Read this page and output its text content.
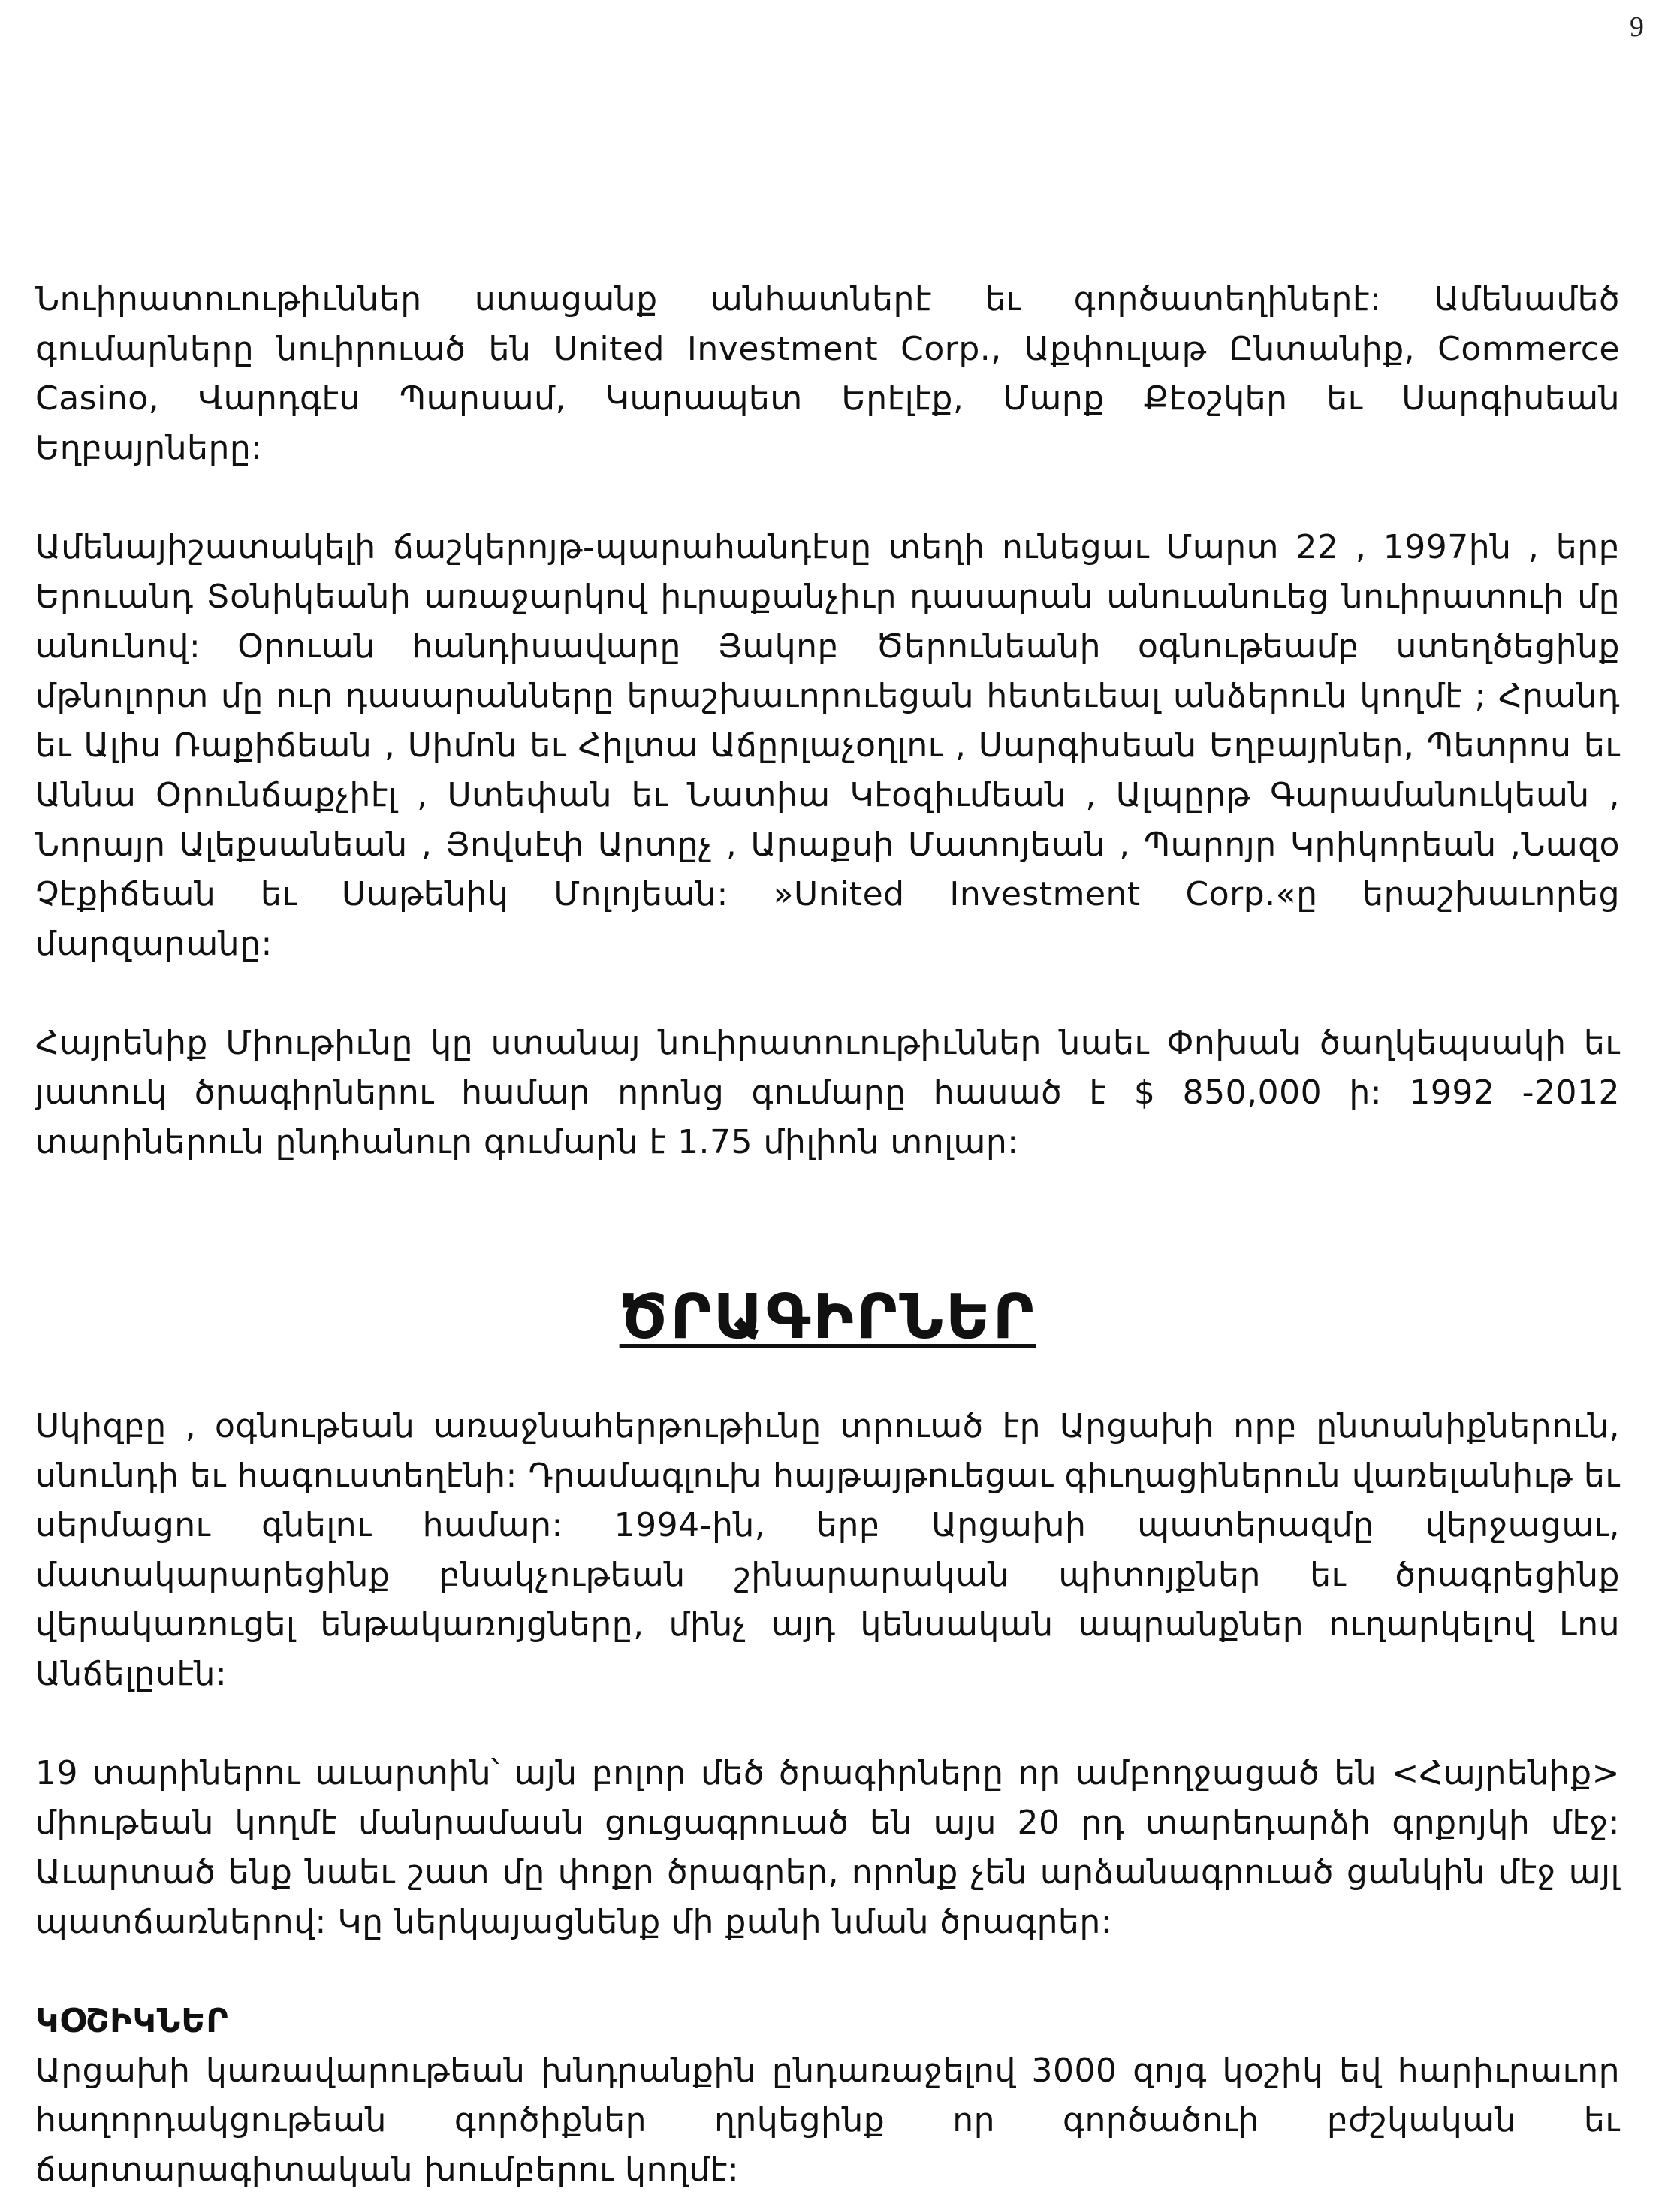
9

Նուիրատուութիւններ ստացանք անհատներէ եւ գործատեղիներէ: Ամենամեծ գումարները նուիրուած են United Investment Corp., Աքփուլաթ Ընտանիք, Commerce Casino, Վարդգէս Պարսամ, Կարապետ Երէլէք, Մարք Քէօշկեր եւ Սարգիսեան Եղբայրները:

Ամենայիշատակելի ճաշկերոյթ-պարահանդէսը տեղի ունեցաւ Մարտ 22 , 1997ին , երբ Երուանդ Տօնիկեանի առաջարկով իւրաքանչիւր դասարան անուանուեց նուիրատուի մը անունով: Օրուան հանդիսավարը Յակոբ Ծերունեանի օգնութեամբ ստեղծեցինք մթնոլորտ մը ուր դասարանները երաշխաւորուեցան հետեւեալ անձերուն կողմէ ; Հրանդ եւ Ալիս Ռաքիճեան , Սիմոն եւ Հիլտա Աճըրլաչօղլու , Սարգիսեան Եղբայրներ, Պետրոս եւ Աննա Օրունճաքչիէլ , Ստեփան եւ Նատիա Կէօզիւմեան , Ալպըրթ Գարամանուկեան , Նորայր Ալեքսանեան , Յովսէփ Արտըչ , Արաքսի Մատոյեան , Պարոյր Կրիկորեան ,Նազօ Չէքիճեան եւ Սաթենիկ Մոլոյեան: »United Investment Corp.«ը երաշխաւորեց մարզարանը:

Հայրենիք Միութիւնը կը ստանայ նուիրատուութիւններ նաեւ Փոխան ծաղկեպսակի եւ յատուկ ծրագիրներու համար որոնց գումարը հասած է $ 850,000 ի: 1992 -2012 տարիներուն ընդհանուր գումարն է 1.75 միլիոն տոլար:

ԾՐԱԳԻՐՆԵՐ

Սկիզբը , օգնութեան առաջնահերթութիւնը տրուած էր Արցախի որբ ընտանիքներուն, սնունդի եւ հագուստեղէնի: Դրամագլուխ հայթայթուեցաւ գիւղացիներուն վառելանիւթ եւ սերմացու գնելու համար: 1994-ին, երբ Արցախի պատերազմը վերջացաւ, մատակարարեցինք բնակչութեան շինարարական պիտոյքներ եւ ծրագրեցինք վերակառուցել ենթակառոյցները, մինչ այդ կենսական ապրանքներ ուղարկելով Լոս Անճելըսէն:

19 տարիներու աւարտին՝ այն բոլոր մեծ ծրագիրները որ ամբողջացած են <Հայրենիք> միութեան կողմէ մանրամասն ցուցագրուած են այս 20 րդ տարեդարձի գրքոյկի մէջ: Աւարտած ենք նաեւ շատ մը փոքր ծրագրեր, որոնք չեն արձանագրուած ցանկին մէջ այլ պատճառներով: Կը ներկայացնենք մի քանի նման ծրագրեր:

ԿՕՇԻԿՆԵՐ

Արցախի կառավարութեան խնդրանքին ընդառաջելով 3000 զոյգ կօշիկ եվ հարիւրաւոր հաղորդակցութեան գործիքներ ղրկեցինք որ գործածուի բժշկական եւ ճարտարագիտական խումբերու կողմէ:
